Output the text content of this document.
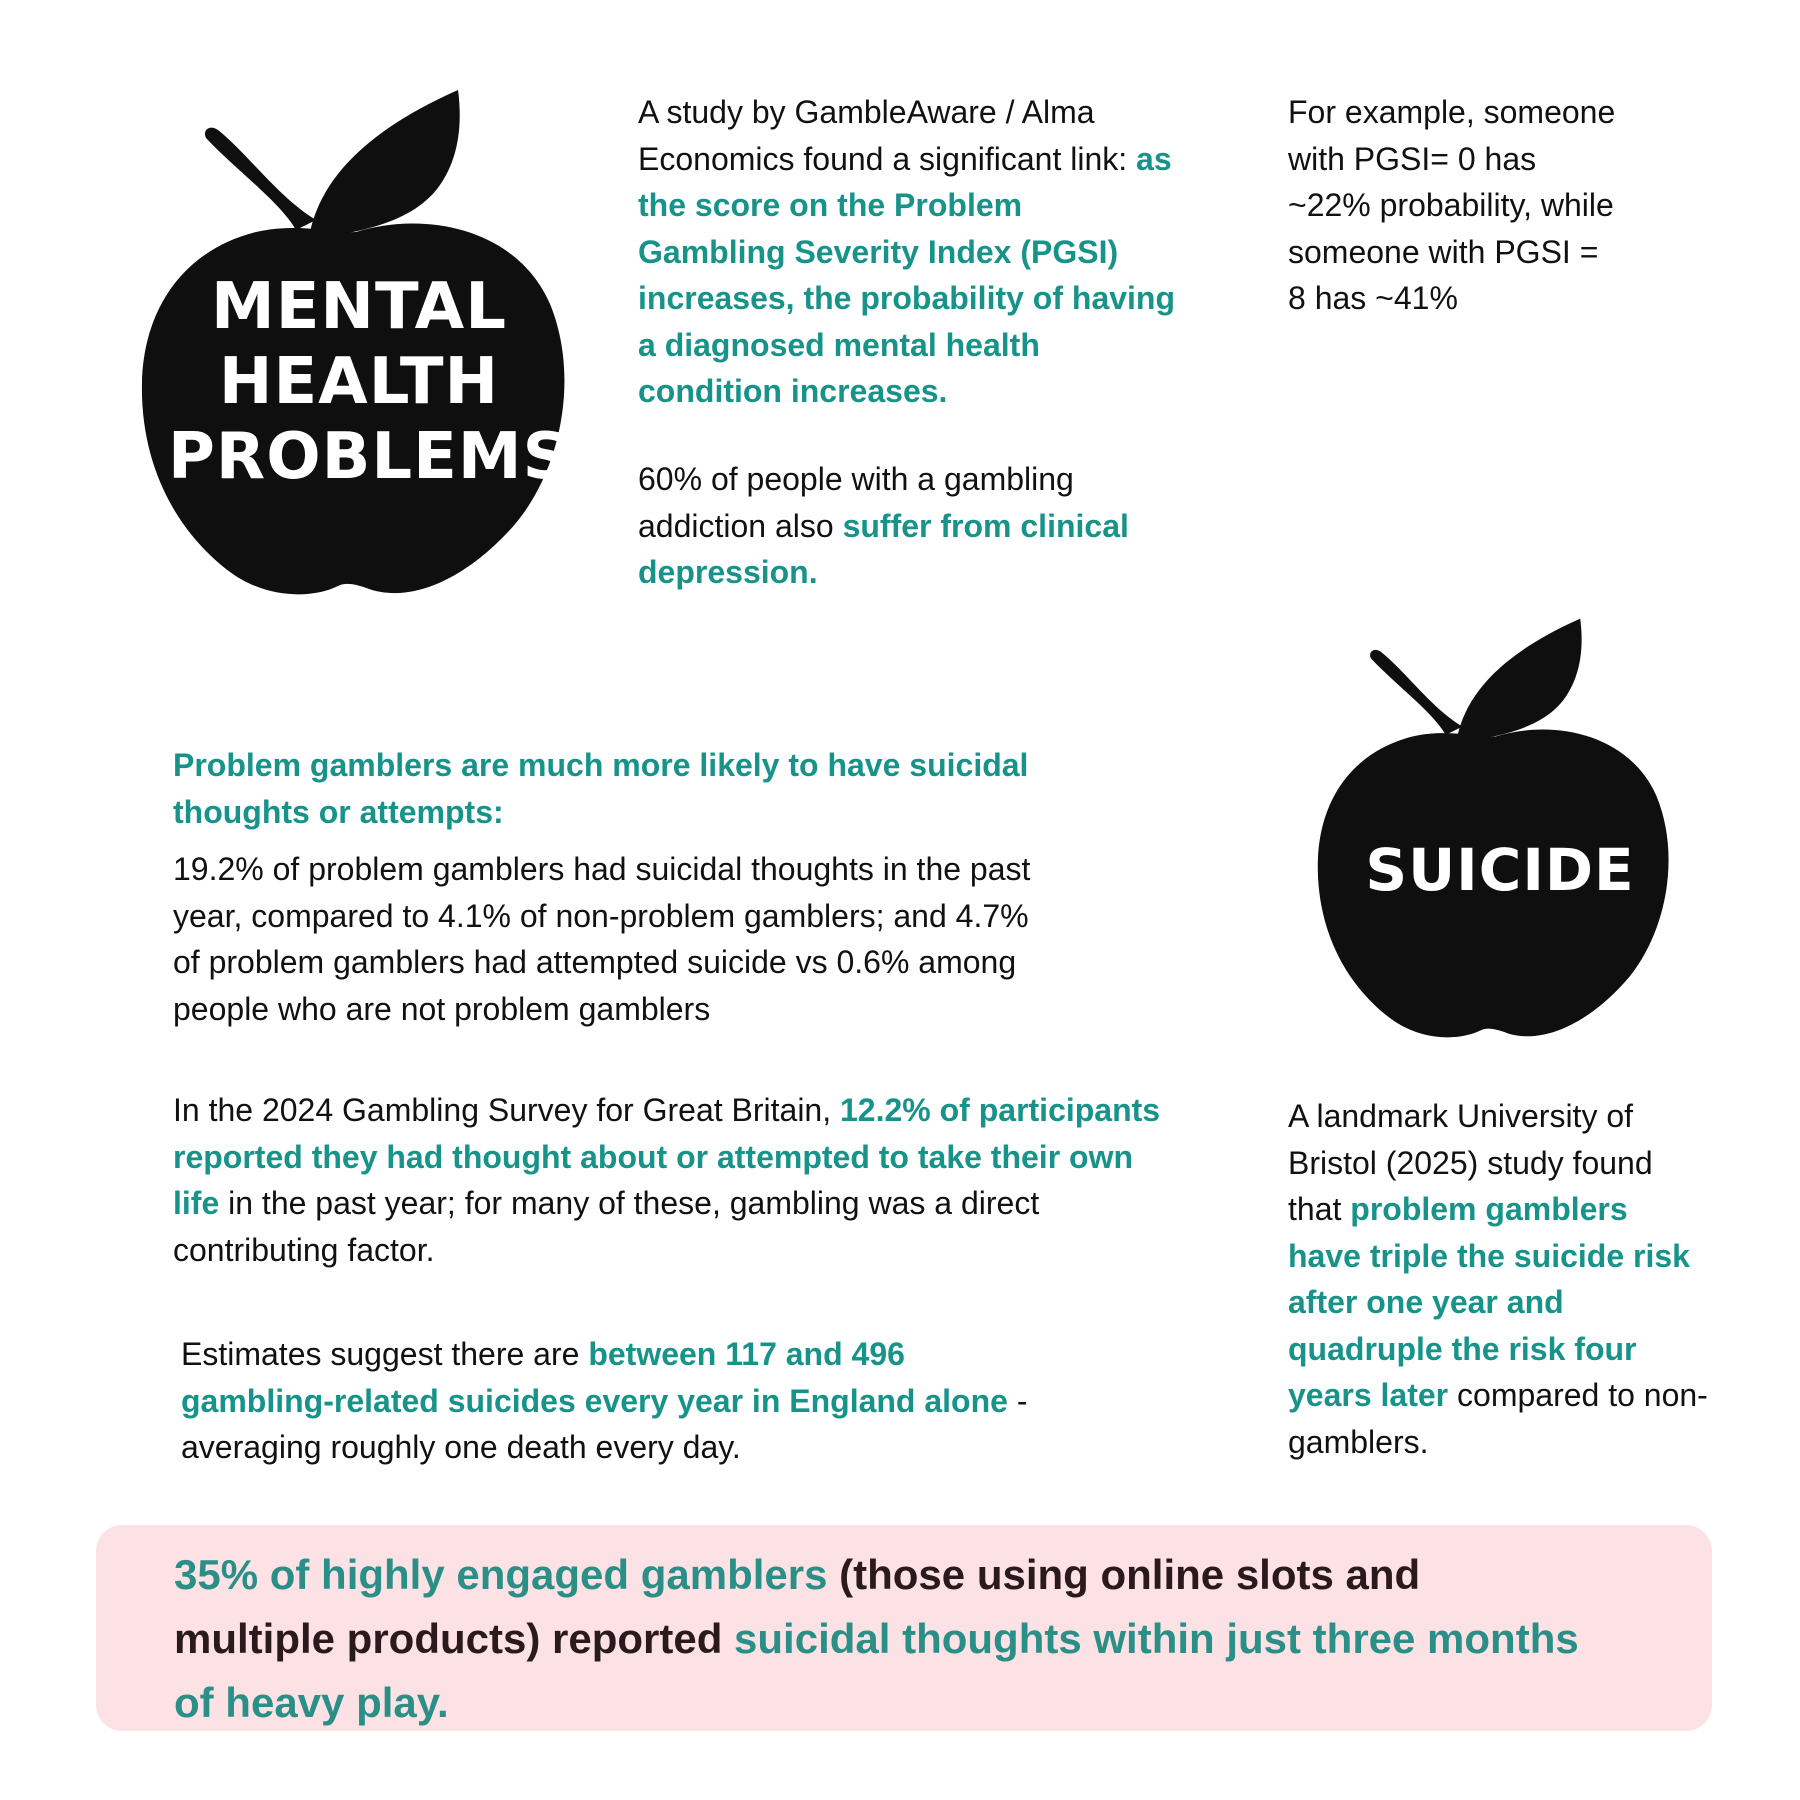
MENTAL
HEALTH
PROBLEMS
A study by GambleAware / Alma Economics found a significant link: as the score on the Problem Gambling Severity Index (PGSI) increases, the probability of having a diagnosed mental health condition increases.
60% of people with a gambling addiction also suffer from clinical depression.
For example, someone with PGSI= 0 has ~22% probability, while someone with PGSI = 8 has ~41%
SUICIDE
Problem gamblers are much more likely to have suicidal thoughts or attempts:
19.2% of problem gamblers had suicidal thoughts in the past year, compared to 4.1% of non-problem gamblers; and 4.7% of problem gamblers had attempted suicide vs 0.6% among people who are not problem gamblers
In the 2024 Gambling Survey for Great Britain, 12.2% of participants reported they had thought about or attempted to take their own life in the past year; for many of these, gambling was a direct contributing factor.
Estimates suggest there are between 117 and 496 gambling-related suicides every year in England alone - averaging roughly one death every day.
A landmark University of Bristol (2025) study found that problem gamblers have triple the suicide risk after one year and quadruple the risk four years later compared to non-gamblers.
35% of highly engaged gamblers (those using online slots and multiple products) reported suicidal thoughts within just three months of heavy play.
